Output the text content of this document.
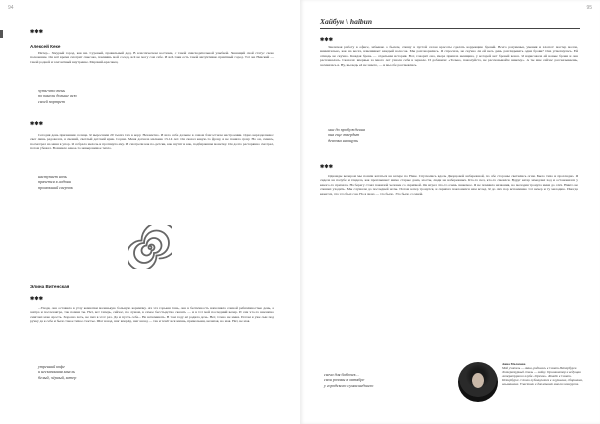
94
✱✱✱
Алексей Кеке

Питер... Хмурый город, как ни. Суровый, правильный дед. В классическом костюме, с такой снисходительной улыбкой. Знающий свой статус свою положение. Он всё время смотрит свысока, помнишь мой сосед, всё не могу сам себе. И всё-таки есть такой интуитивно приятный город. Тот же Невский — такой родной и элегантный внутренне. Мерзкий-красавец.

чуть-что тень
по панели дольше всю
своей портрет
✱✱✱

Сегодня день признания солнце. Я выросшим 20 тысяч тех в кору. Незаметно. И шла себе дальше в самом благостном настроении. Одно неразделанно: свет лишь радовался, я свежий, светлый детский крик. Сорни. Меня догнала мальчик 13-14 лет. Он сказал какую-то фразу, я не поняла сразу. Но он, смеясь, посмотрел на меня в упор. Я собрала мелочь и протянула ему. И смотрели как по-детски, как шутят и как, подбиравшая монетку. Он долго растерянно смотрел, потом убежал. Возникло какое-то невыразимое тепло.

наступает ночь
прячется в ладони
промокший сверчок
Элина Витенская
✱✱✱

...Уходя, она оставила в углу комнатки маленькую больную кормилку. Ах эта горькая тень, она в беспечность наполняла сонной ребячливостью день, а завтра и послезавтра, так помни ты. Нет, вот теперь, сейчас, по лужам, в самое бесстыдство сказать — и в тот мой последний вечер. И сам что-то внезапно смягчил мою ярость. Хорошо хоть, не пил в этот раз. Да и пусть себе... Не вспоминать. В том году её родила дочь. Нет, точно не меня. Потом я уже сын под ручку да к себе и было такое тихое счастье. Шаг назад, шаг вперёд, шаг назад — так и течёт вся жизнь, привольная, нелепая, но моя. Нет, не моя.

утренний кофе
и несказанная мысль
белый, чёрный, ветер
95
Хайбун \ haibun
✱✱✱

Заключая работу в офисе, забываю о былом, спешу в пустой салон красоты сделать коррекцию бровей. Всего разуменья, умения и хлопот: мастер молча, внимательно, как на весах, взвешивает каждый волосок. Мы разговорились. Я спросила, не скучно ли ей весь день разглядывать одни брови? Она усмехнулась. Ей отнюдь не скучно. Каждая бровь — отдельная история. Вот, говорит она, вчера пришла женщина, у которой нет бровей вовсе. Я нарисовала ей новые брови и она расплакалась. Сказала: впервые за много лет узнала себя в зеркале. И добавила: «Только, пожалуйста, не рассказывайте никому». А ты мне сейчас рассказываешь, засмеялась я. Ну, вы ведь её не знаете, — и мы обе рассмеялись.

миг до пробуждения
она еще твердит
девочка наощупь
✱✱✱

Однажды вечером мы пошли кататься на катере по Неве. Спускались вдоль Дворцовой набережной, по обе стороны светились огни. Было тихо и прохладно. Я сидела на палубе и глядела, как проплывают мимо старые дома, мосты, люди на набережных. Кто-то пел, кто-то смеялся. Вдруг катер замедлил ход и остановился у какого-то причала. На берегу стоял пожилой человек со скрипкой. Он играл что-то очень знакомое. Я не помнила названия, но мелодия тронула меня до слёз. Никто не спешил уходить. Мы слушали до последней ноты. Потом катер тронулся, и скрипач поклонился нам вслед. Я до сих пор вспоминаю тот вечер и ту мелодию. Иногда кажется, что это был сон. Но я знаю — это было. Это было со мной.

свеча для бабочек...
свои розовы в октябре
у городского сумасшедшего
Анна Малахова
Мой учитель — Анна, родилась в Санкт-Петербурге. Литературный стиль — хайку. Организатор и ведущая литературного клуба «Орехов». Живёт в Санкт-Петербурге. Стихи публикуются в журналах, сборниках, альманахах. Участник и дипломант многих конкурсов.
